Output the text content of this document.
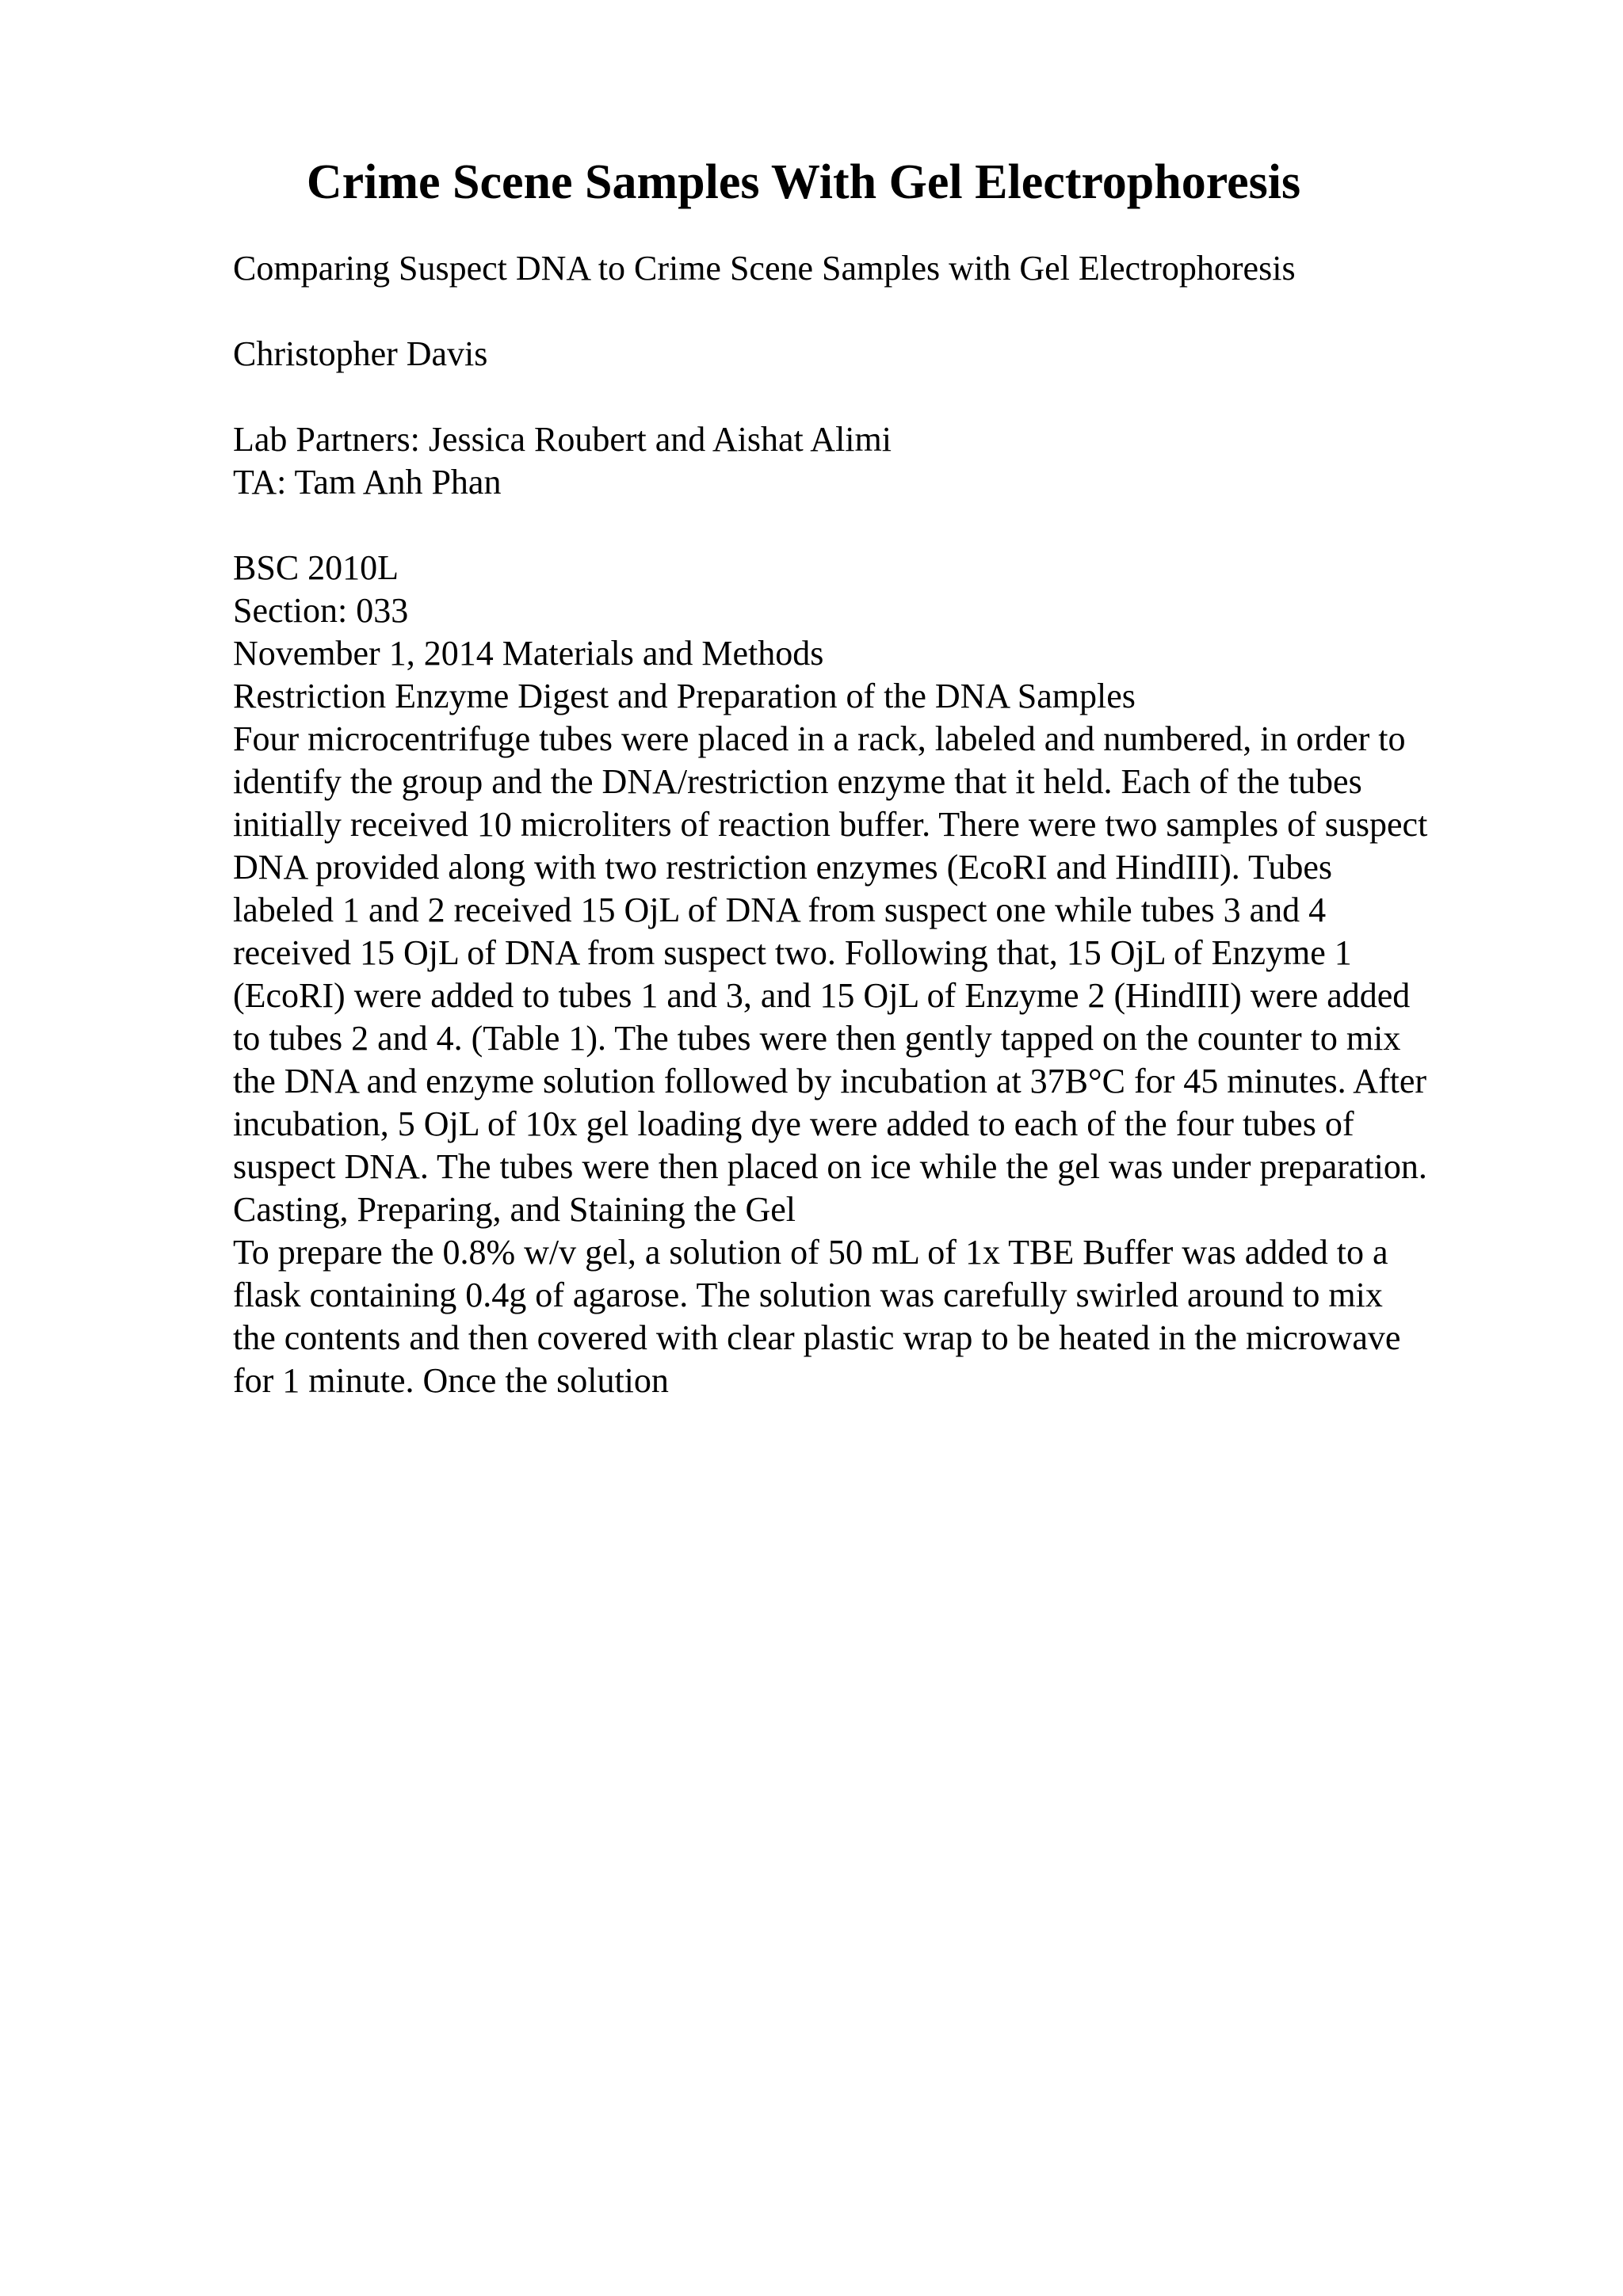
Crime Scene Samples With Gel Electrophoresis
Comparing Suspect DNA to Crime Scene Samples with Gel Electrophoresis
Christopher Davis
Lab Partners: Jessica Roubert and Aishat Alimi
TA: Tam Anh Phan
BSC 2010L
Section: 033
November 1, 2014 Materials and Methods
Restriction Enzyme Digest and Preparation of the DNA Samples
Four microcentrifuge tubes were placed in a rack, labeled and numbered, in order to
identify the group and the DNA/restriction enzyme that it held. Each of the tubes
initially received 10 microliters of reaction buffer. There were two samples of suspect
DNA provided along with two restriction enzymes (EcoRI and HindIII). Tubes
labeled 1 and 2 received 15 OjL of DNA from suspect one while tubes 3 and 4
received 15 OjL of DNA from suspect two. Following that, 15 OjL of Enzyme 1
(EcoRI) were added to tubes 1 and 3, and 15 OjL of Enzyme 2 (HindIII) were added
to tubes 2 and 4. (Table 1). The tubes were then gently tapped on the counter to mix
the DNA and enzyme solution followed by incubation at 37B°C for 45 minutes. After
incubation, 5 OjL of 10x gel loading dye were added to each of the four tubes of
suspect DNA. The tubes were then placed on ice while the gel was under preparation.
Casting, Preparing, and Staining the Gel
To prepare the 0.8% w/v gel, a solution of 50 mL of 1x TBE Buffer was added to a
flask containing 0.4g of agarose. The solution was carefully swirled around to mix
the contents and then covered with clear plastic wrap to be heated in the microwave
for 1 minute. Once the solution
